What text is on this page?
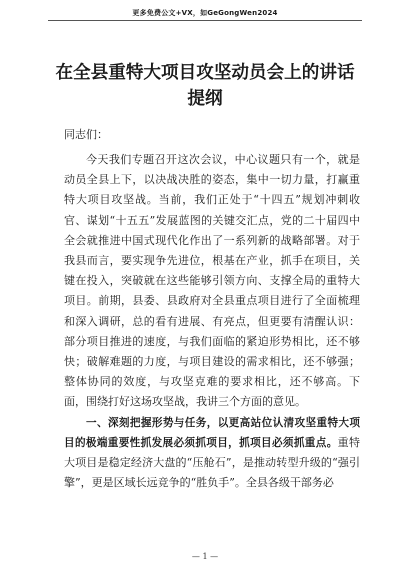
更多免费公文+VX，如GeGongWen2024
在全县重特大项目攻坚动员会上的讲话提纲
同志们：

今天我们专题召开这次会议，中心议题只有一个，就是动员全县上下，以决战决胜的姿态，集中一切力量，打赢重特大项目攻坚战。当前，我们正处于“十四五”规划冲刺收官、谋划“十五五”发展蓝图的关键交汇点，党的二十届四中全会就推进中国式现代化作出了一系列新的战略部署。对于我县而言，要实现争先进位，根基在产业，抓手在项目，关键在投入，突破就在这些能够引领方向、支撑全局的重特大项目。前期，县委、县政府对全县重点项目进行了全面梳理和深入调研，总的看有进展、有亮点，但更要有清醒认识：部分项目推进的速度，与我们面临的紧迫形势相比，还不够快；破解难题的力度，与项目建设的需求相比，还不够强；整体协同的效度，与攻坚克难的要求相比，还不够高。下面，围绕打好这场攻坚战，我讲三个方面的意见。

一、深刻把握形势与任务，以更高站位认清攻坚重特大项目的极端重要性抓发展必须抓项目，抓项目必须抓重点。重特大项目是稳定经济大盘的“压舱石”，是推动转型升级的“强引擎”，更是区域长远竞争的“胜负手”。全县各级干部务必

— 1 —
